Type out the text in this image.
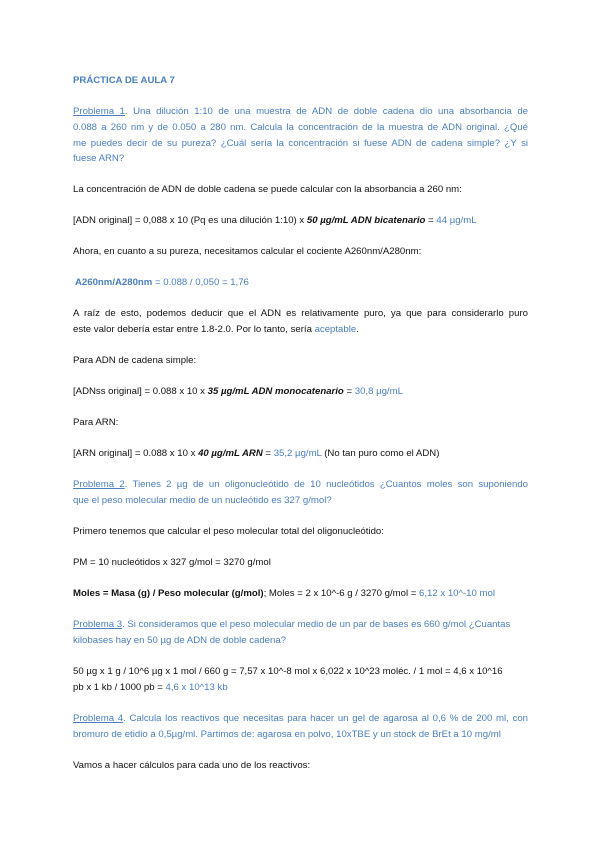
PRÁCTICA DE AULA 7
Problema 1. Una dilución 1:10 de una muestra de ADN de doble cadena dio una absorbancia de
0.088 a 260 nm y de 0.050 a 280 nm. Calcula la concentración de la muestra de ADN original. ¿Qué
me puedes decir de su pureza? ¿Cuál sería la concentración si fuese ADN de cadena simple? ¿Y si
fuese ARN?
La concentración de ADN de doble cadena se puede calcular con la absorbancia a 260 nm:
[ADN original] = 0,088 x 10 (Pq es una dilución 1:10) x 50 µg/mL ADN bicatenario = 44 µg/mL
Ahora, en cuanto a su pureza, necesitamos calcular el cociente A260nm/A280nm:
A260nm/A280nm = 0.088 / 0,050 = 1,76
A raíz de esto, podemos deducir que el ADN es relativamente puro, ya que para considerarlo puro
este valor debería estar entre 1.8-2.0. Por lo tanto, sería aceptable.
Para ADN de cadena simple:
[ADNss original] = 0.088 x 10 x 35 µg/mL ADN monocatenario = 30,8 µg/mL
Para ARN:
[ARN original] = 0.088 x 10 x 40 µg/mL ARN = 35,2 µg/mL (No tan puro como el ADN)
Problema 2. Tienes 2 µg de un oligonucleótido de 10 nucleótidos ¿Cuantos moles son suponiendo
que el peso molecular medio de un nucleótido es 327 g/mol?
Primero tenemos que calcular el peso molecular total del oligonucleótido:
PM = 10 nucleótidos x 327 g/mol = 3270 g/mol
Moles = Masa (g) / Peso molecular (g/mol); Moles = 2 x 10^-6 g / 3270 g/mol = 6,12 x 10^-10 mol
Problema 3. Si consideramos que el peso molecular medio de un par de bases es 660 g/mol ¿Cuantas
kilobases hay en 50 µg de ADN de doble cadena?
50 µg x 1 g / 10^6 µg x 1 mol / 660 g = 7,57 x 10^-8 mol x 6,022 x 10^23 moléc. / 1 mol = 4,6 x 10^16
pb x 1 kb / 1000 pb = 4,6 x 10^13 kb
Problema 4. Calcula los reactivos que necesitas para hacer un gel de agarosa al 0,6 % de 200 ml, con
bromuro de etidio a 0,5µg/ml. Partimos de: agarosa en polvo, 10xTBE y un stock de BrEt a 10 mg/ml
Vamos a hacer cálculos para cada uno de los reactivos:
